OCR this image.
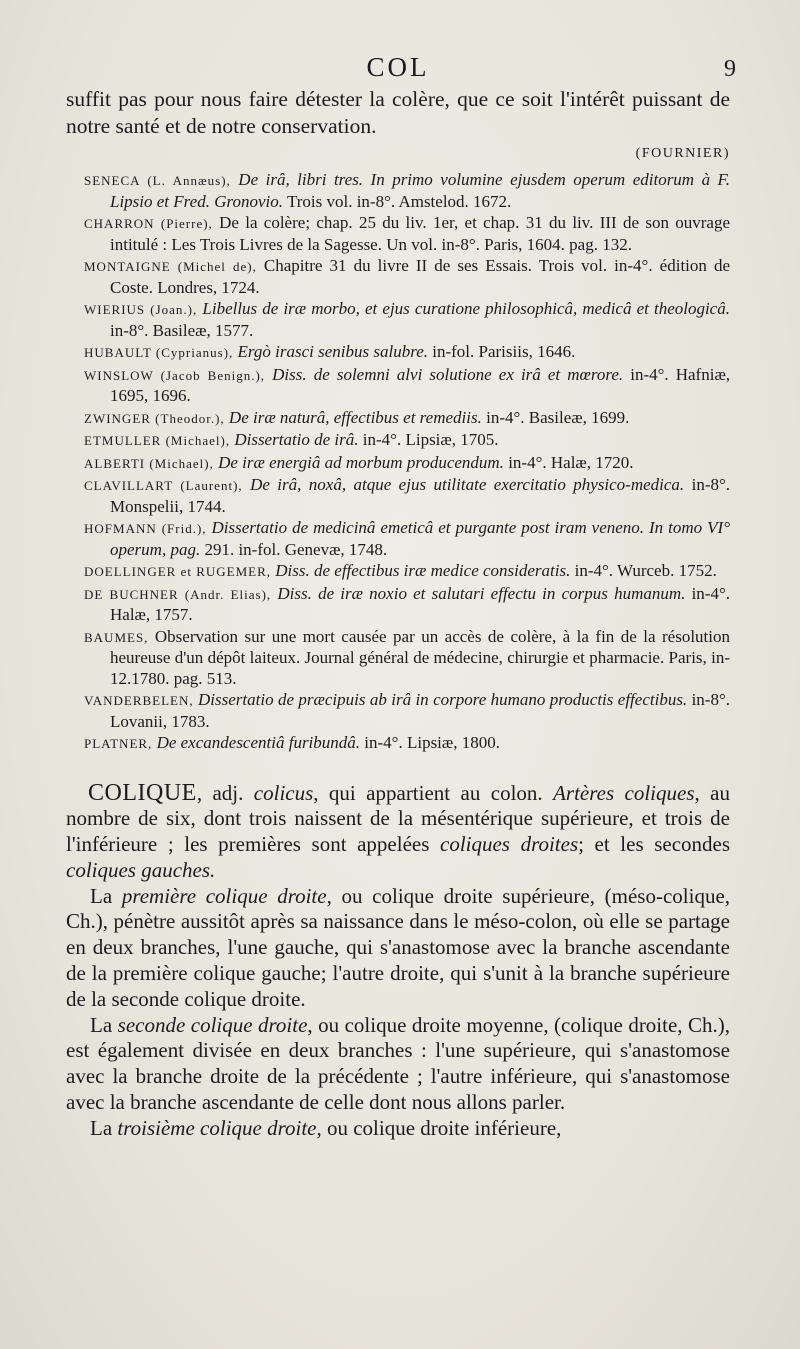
COL	9

suffit pas pour nous faire détester la colère, que ce soit l'intérêt puissant de notre santé et de notre conservation.

(FOURNIER)
SENECA (L. Annæus), De irâ, libri tres. In primo volumine ejusdem operum editorum à F. Lipsio et Fred. Gronovio. Trois vol. in-8°. Amstelod. 1672.
CHARRON (Pierre), De la colère; chap. 25 du liv. 1er, et chap. 31 du liv. III de son ouvrage intitulé : Les Trois Livres de la Sagesse. Un vol. in-8°. Paris, 1604. pag. 132.
MONTAIGNE (Michel de), Chapitre 31 du livre II de ses Essais. Trois vol. in-4°. édition de Coste. Londres, 1724.
WIERIUS (Joan.), Libellus de iræ morbo, et ejus curatione philosophicâ, medicâ et theologicâ. in-8°. Basileæ, 1577.
HUBAULT (Cyprianus), Ergò irasci senibus salubre. in-fol. Parisiis, 1646.
WINSLOW (Jacob Benign.), Diss. de solemni alvi solutione ex irâ et mœrore. in-4°. Hafniæ, 1695, 1696.
ZWINGER (Theodor.), De iræ naturâ, effectibus et remediis. in-4°. Basileæ, 1699.
ETMULLER (Michael), Dissertatio de irâ. in-4°. Lipsiæ, 1705.
ALBERTI (Michael), De iræ energiâ ad morbum producendum. in-4°. Halæ, 1720.
CLAVILLART (Laurent), De irâ, noxâ, atque ejus utilitate exercitatio physico-medica. in-8°. Monspelii, 1744.
HOFMANN (Frid.), Dissertatio de medicinâ emeticâ et purgante post iram veneno. In tomo VI° operum, pag. 291. in-fol. Genevæ, 1748.
DOELLINGER et RUGEMER, Diss. de effectibus iræ medice consideratis. in-4°. Wurceb. 1752.
DE BUCHNER (Andr. Elias), Diss. de iræ noxio et salutari effectu in corpus humanum. in-4°. Halæ, 1757.
BAUMES, Observation sur une mort causée par un accès de colère, à la fin de la résolution heureuse d'un dépôt laiteux. Journal général de médecine, chirurgie et pharmacie. Paris, in-12.1780. pag. 513.
VANDERBELEN, Dissertatio de præcipuis ab irâ in corpore humano productis effectibus. in-8°. Lovanii, 1783.
PLATNER, De excandescentiâ furibundâ. in-4°. Lipsiæ, 1800.

COLIQUE, adj. colicus, qui appartient au colon. Artères coliques, au nombre de six, dont trois naissent de la mésentérique supérieure, et trois de l'inférieure ; les premières sont appelées coliques droites; et les secondes coliques gauches.

La première colique droite, ou colique droite supérieure, (méso-colique, Ch.), pénètre aussitôt après sa naissance dans le méso-colon, où elle se partage en deux branches, l'une gauche, qui s'anastomose avec la branche ascendante de la première colique gauche; l'autre droite, qui s'unit à la branche supérieure de la seconde colique droite.

La seconde colique droite, ou colique droite moyenne, (colique droite, Ch.), est également divisée en deux branches : l'une supérieure, qui s'anastomose avec la branche droite de la précédente ; l'autre inférieure, qui s'anastomose avec la branche ascendante de celle dont nous allons parler.

La troisième colique droite, ou colique droite inférieure,
